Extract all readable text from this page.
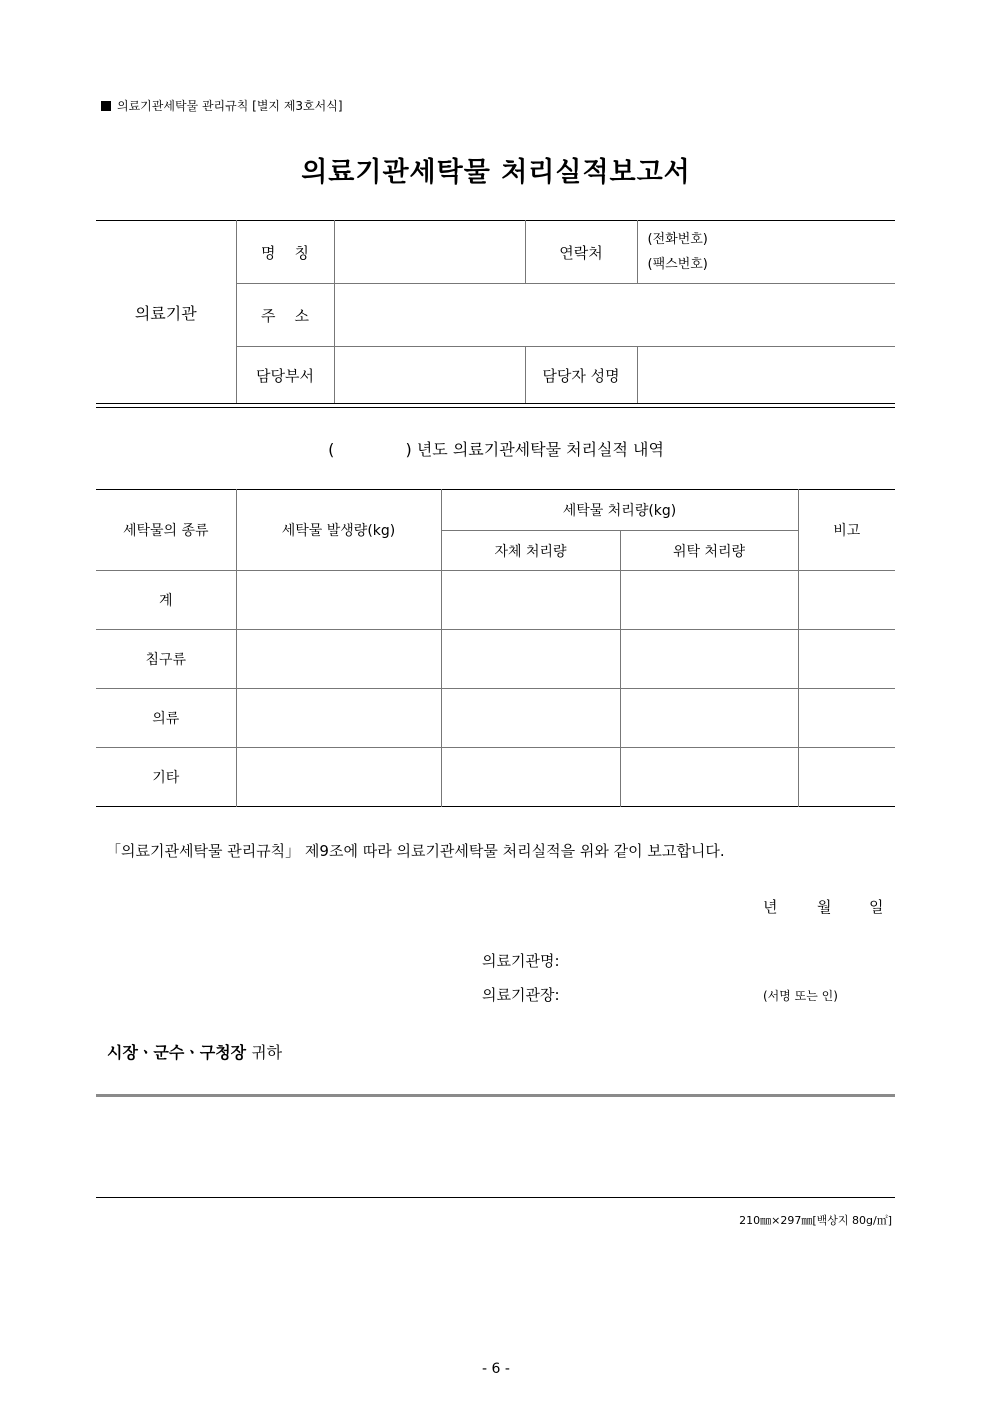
의료기관세탁물 관리규칙 [별지 제3호서식]
의료기관세탁물 처리실적보고서
의료기관	명    칭		연락처	(전화번호)
(팩스번호)

	주    소			
	담당부서		담당자 성명	
(              ) 년도 의료기관세탁물 처리실적 내역
세탁물의 종류	세탁물 발생량(kg)	세탁물 처리량(kg)		비고
		자체 처리량	위탁 처리량	
계				
침구류				
의류				
기타				
「의료기관세탁물 관리규칙」 제9조에 따라 의료기관세탁물 처리실적을 위와 같이 보고합니다.
년	월	일
의료기관명:
의료기관장:	(서명 또는 인)
시장ㆍ군수ㆍ구청장 귀하
210㎜×297㎜[백상지 80g/㎡]
- 6 -
